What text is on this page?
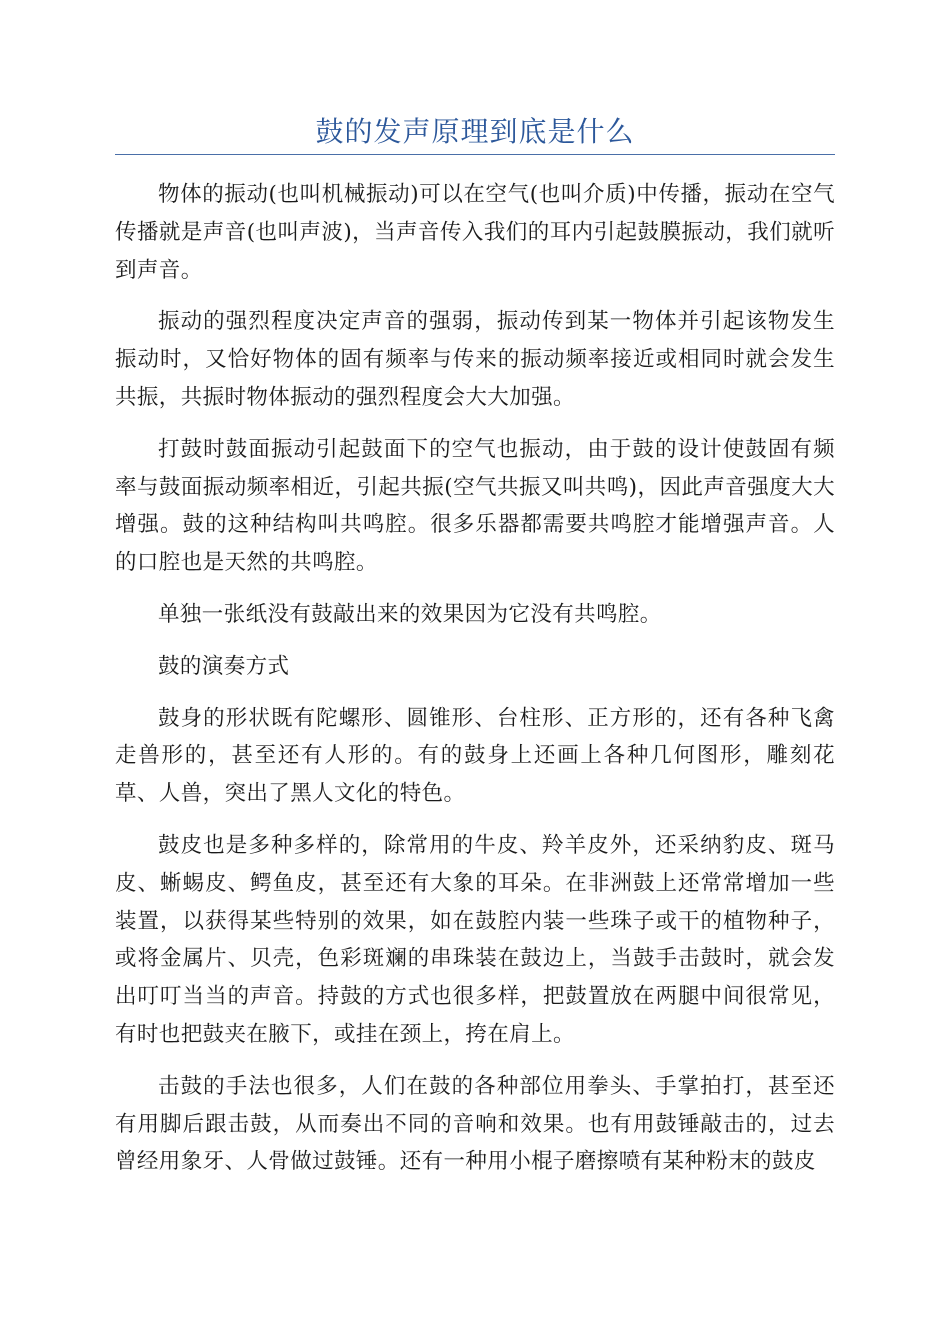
鼓的发声原理到底是什么

物体的振动(也叫机械振动)可以在空气(也叫介质)中传播，振动在空气传播就是声音(也叫声波)，当声音传入我们的耳内引起鼓膜振动，我们就听到声音。

振动的强烈程度决定声音的强弱，振动传到某一物体并引起该物发生振动时，又恰好物体的固有频率与传来的振动频率接近或相同时就会发生共振，共振时物体振动的强烈程度会大大加强。

打鼓时鼓面振动引起鼓面下的空气也振动，由于鼓的设计使鼓固有频率与鼓面振动频率相近，引起共振(空气共振又叫共鸣)，因此声音强度大大增强。鼓的这种结构叫共鸣腔。很多乐器都需要共鸣腔才能增强声音。人的口腔也是天然的共鸣腔。

单独一张纸没有鼓敲出来的效果因为它没有共鸣腔。

鼓的演奏方式

鼓身的形状既有陀螺形、圆锥形、台柱形、正方形的，还有各种飞禽走兽形的，甚至还有人形的。有的鼓身上还画上各种几何图形，雕刻花草、人兽，突出了黑人文化的特色。

鼓皮也是多种多样的，除常用的牛皮、羚羊皮外，还采纳豹皮、斑马皮、蜥蜴皮、鳄鱼皮，甚至还有大象的耳朵。在非洲鼓上还常常增加一些装置，以获得某些特别的效果，如在鼓腔内装一些珠子或干的植物种子，或将金属片、贝壳，色彩斑斓的串珠装在鼓边上，当鼓手击鼓时，就会发出叮叮当当的声音。持鼓的方式也很多样，把鼓置放在两腿中间很常见，有时也把鼓夹在腋下，或挂在颈上，挎在肩上。

击鼓的手法也很多，人们在鼓的各种部位用拳头、手掌拍打，甚至还有用脚后跟击鼓，从而奏出不同的音响和效果。也有用鼓锤敲击的，过去曾经用象牙、人骨做过鼓锤。还有一种用小棍子磨擦喷有某种粉末的鼓皮
